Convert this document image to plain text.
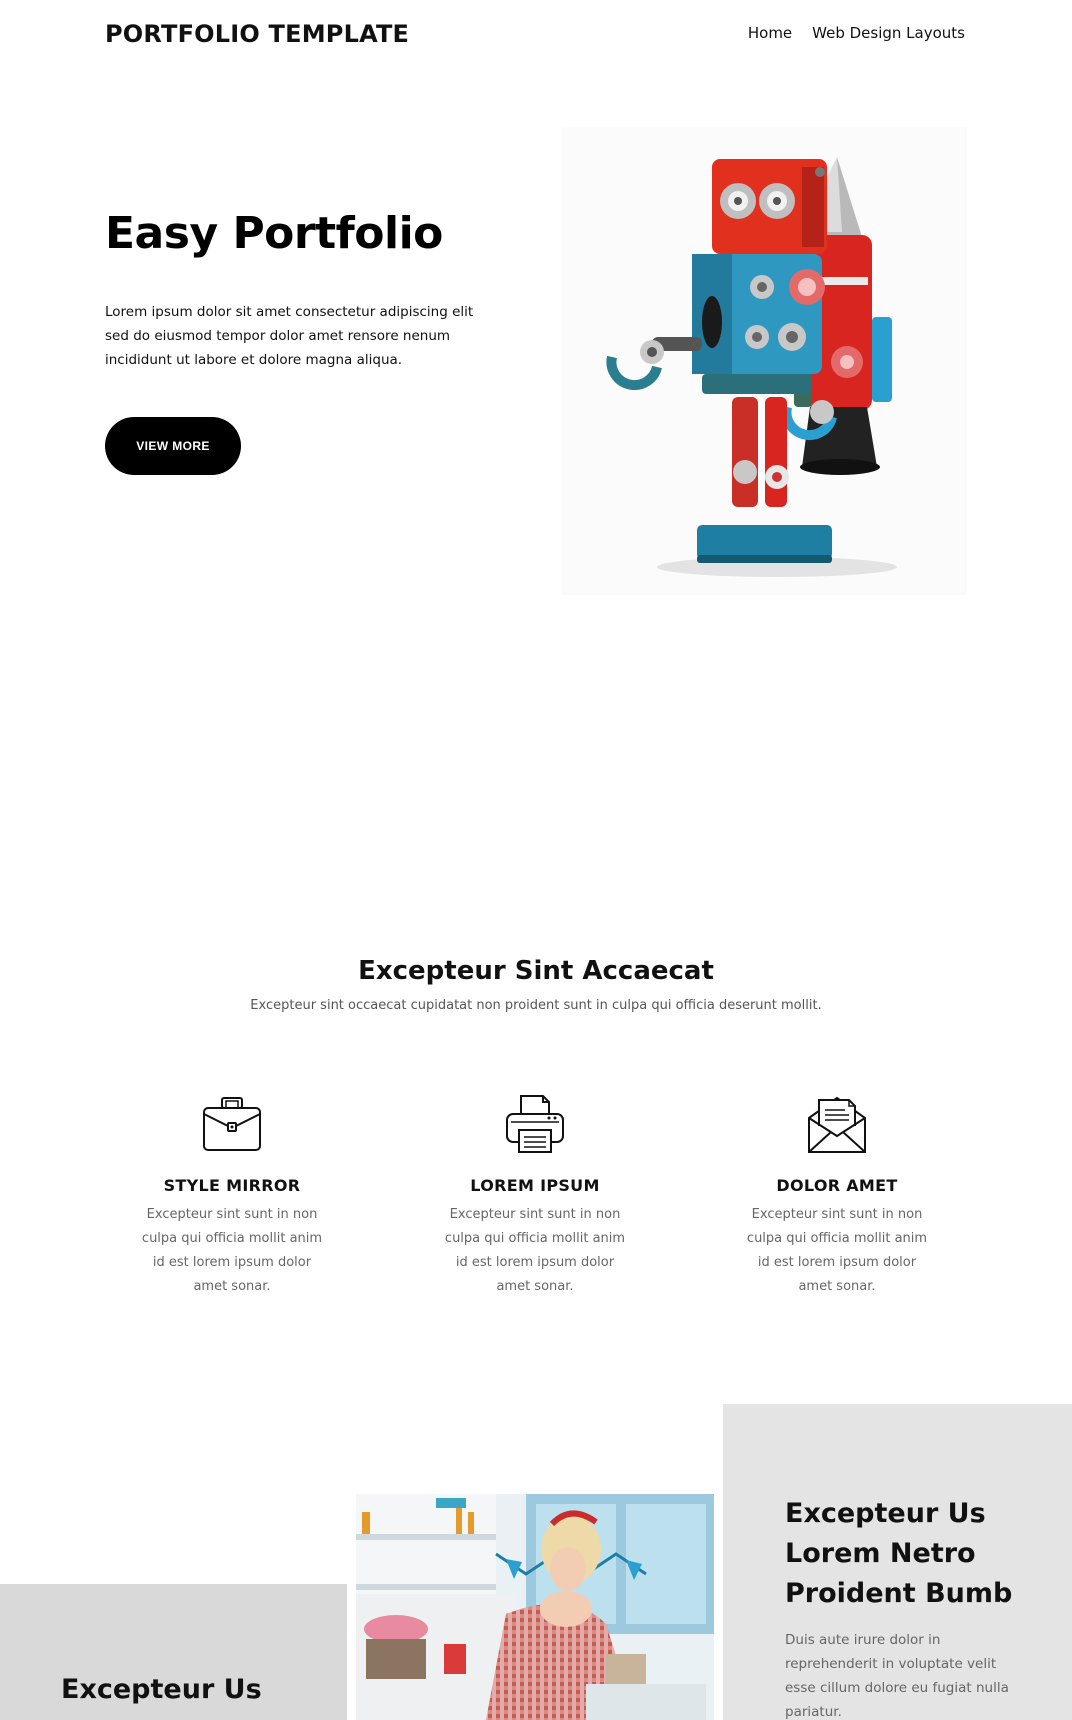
PORTFOLIO TEMPLATE	Home Web Design Layouts
Easy Portfolio

Lorem ipsum dolor sit amet consectetur adipiscing elit sed do eiusmod tempor dolor amet rensore nenum incididunt ut labore et dolore magna aliqua.

VIEW MORE
Excepteur Sint Accaecat

Excepteur sint occaecat cupidatat non proident sunt in culpa qui officia deserunt mollit.

STYLE MIRROR
Excepteur sint sunt in non culpa qui officia mollit anim id est lorem ipsum dolor amet sonar.
LOREM IPSUM
Excepteur sint sunt in non culpa qui officia mollit anim id est lorem ipsum dolor amet sonar.
DOLOR AMET
Excepteur sint sunt in non culpa qui officia mollit anim id est lorem ipsum dolor amet sonar.
Excepteur Us Lorem Netro Proident Bumb

Duis aute irure dolor in reprehenderit in voluptate velit esse cillum dolore eu fugiat nulla pariatur.

Excepteur Us
